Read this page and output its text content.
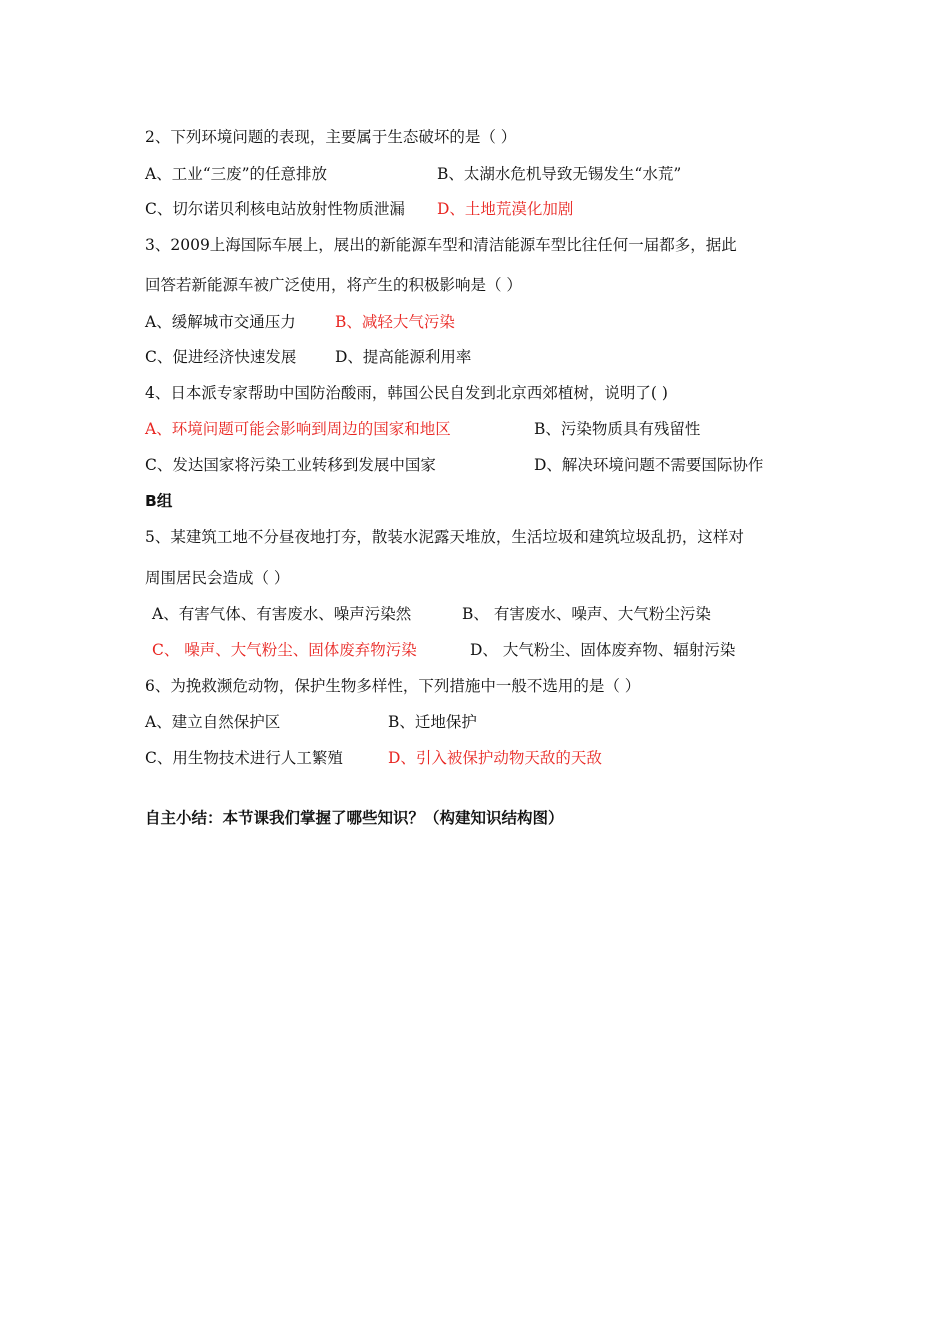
2、下列环境问题的表现，主要属于生态破坏的是（ ）
A、工业“三废”的任意排放	B、太湖水危机导致无锡发生“水荒”
C、切尔诺贝利核电站放射性物质泄漏 D、土地荒漠化加剧
3、2009上海国际车展上，展出的新能源车型和清洁能源车型比往任何一届都多，据此
回答若新能源车被广泛使用，将产生的积极影响是（ ）
A、缓解城市交通压力	B、减轻大气污染
C、促进经济快速发展 D、提高能源利用率
4、日本派专家帮助中国防治酸雨，韩国公民自发到北京西郊植树，说明了( )
A、环境问题可能会影响到周边的国家和地区	B、污染物质具有残留性
C、发达国家将污染工业转移到发展中国家	D、解决环境问题不需要国际协作
B组
5、某建筑工地不分昼夜地打夯，散装水泥露天堆放，生活垃圾和建筑垃圾乱扔，这样对
周围居民会造成（ ）
A、有害气体、有害废水、噪声污染然	B、 有害废水、噪声、大气粉尘污染
C、 噪声、大气粉尘、固体废弃物污染	D、 大气粉尘、固体废弃物、辐射污染
6、为挽救濒危动物，保护生物多样性，下列措施中一般不选用的是（ ）
A、建立自然保护区	B、迁地保护
C、用生物技术进行人工繁殖	D、引入被保护动物天敌的天敌
自主小结：本节课我们掌握了哪些知识？（构建知识结构图）
